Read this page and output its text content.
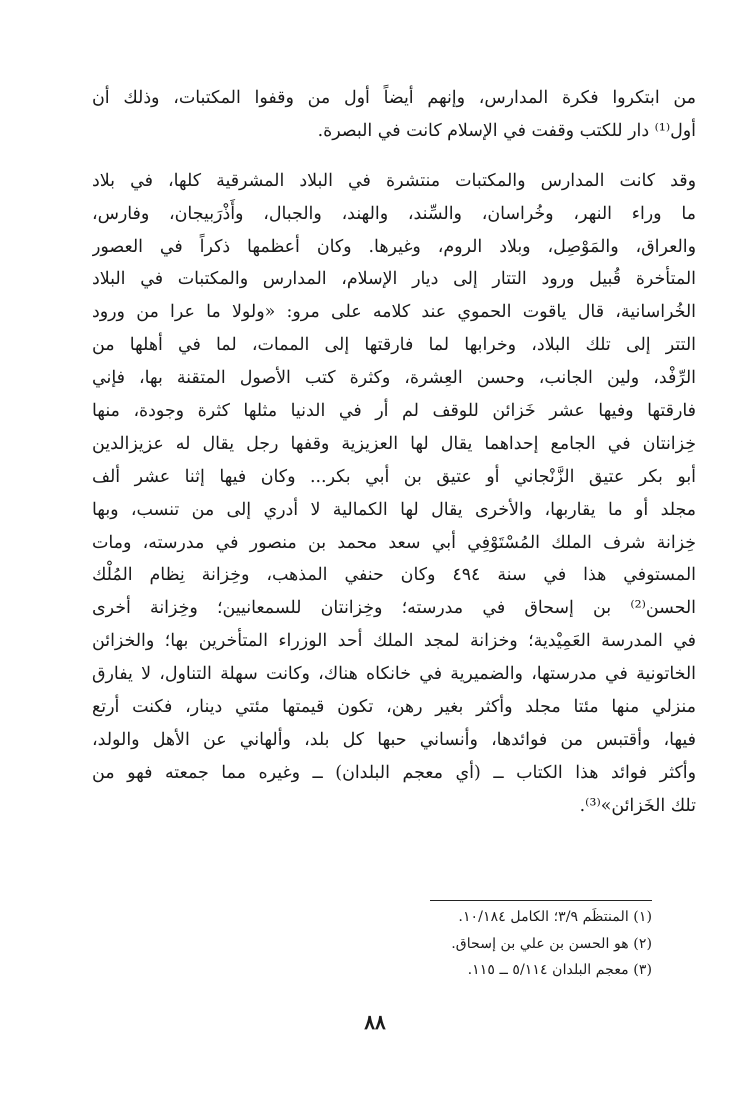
من ابتكروا فكرة المدارس، وإنهم أيضاً أول من وقفوا المكتبات، وذلك أن
أول⁽¹⁾ دار للكتب وقفت في الإسلام كانت في البصرة.
وقد كانت المدارس والمكتبات منتشرة في البلاد المشرقية كلها، في بلاد
ما وراء النهر، وخُراسان، والسِّند، والهند، والجبال، وأَذْرَبيجان، وفارس،
والعراق، والمَوْصِل، وبلاد الروم، وغيرها. وكان أعظمها ذكراً في العصور
المتأخرة قُبيل ورود التتار إلى ديار الإسلام، المدارس والمكتبات في البلاد
الخُراسانية، قال ياقوت الحموي عند كلامه على مرو: «ولولا ما عرا من ورود
التتر إلى تلك البلاد، وخرابها لما فارقتها إلى الممات، لما في أهلها من
الرِّفْد، ولين الجانب، وحسن العِشرة، وكثرة كتب الأصول المتقنة بها، فإني
فارقتها وفيها عشر خَزائن للوقف لم أر في الدنيا مثلها كثرة وجودة، منها
خِزانتان في الجامع إحداهما يقال لها العزيزية وقفها رجل يقال له عزيزالدين
أبو بكر عتيق الزَّنْجاني أو عتيق بن أبي بكر... وكان فيها إثنا عشر ألف
مجلد أو ما يقاربها، والأخرى يقال لها الكمالية لا أدري إلى من تنسب، وبها
خِزانة شرف الملك المُسْتَوْفِي أبي سعد محمد بن منصور في مدرسته، ومات
المستوفي هذا في سنة ٤٩٤ وكان حنفي المذهب، وخِزانة نِظام المُلْك
الحسن⁽²⁾ بن إسحاق في مدرسته؛ وخِزانتان للسمعانيين؛ وخِزانة أخرى
في المدرسة العَمِيْدية؛ وخزانة لمجد الملك أحد الوزراء المتأخرين بها؛ والخزائن
الخاتونية في مدرستها، والضميرية في خانكاه هناك، وكانت سهلة التناول، لا يفارق
منزلي منها مئتا مجلد وأكثر بغير رهن، تكون قيمتها مئتي دينار، فكنت أرتع
فيها، وأقتبس من فوائدها، وأنساني حبها كل بلد، وألهاني عن الأهل والولد،
وأكثر فوائد هذا الكتاب ــ (أي معجم البلدان) ــ وغيره مما جمعته فهو من
تلك الخَزائن»⁽³⁾.
(١) المنتظَم ٣/٩؛ الكامل ١٠/١٨٤.
(٢) هو الحسن بن علي بن إسحاق.
(٣) معجم البلدان ٥/١١٤ ــ ١١٥.
٨٨
